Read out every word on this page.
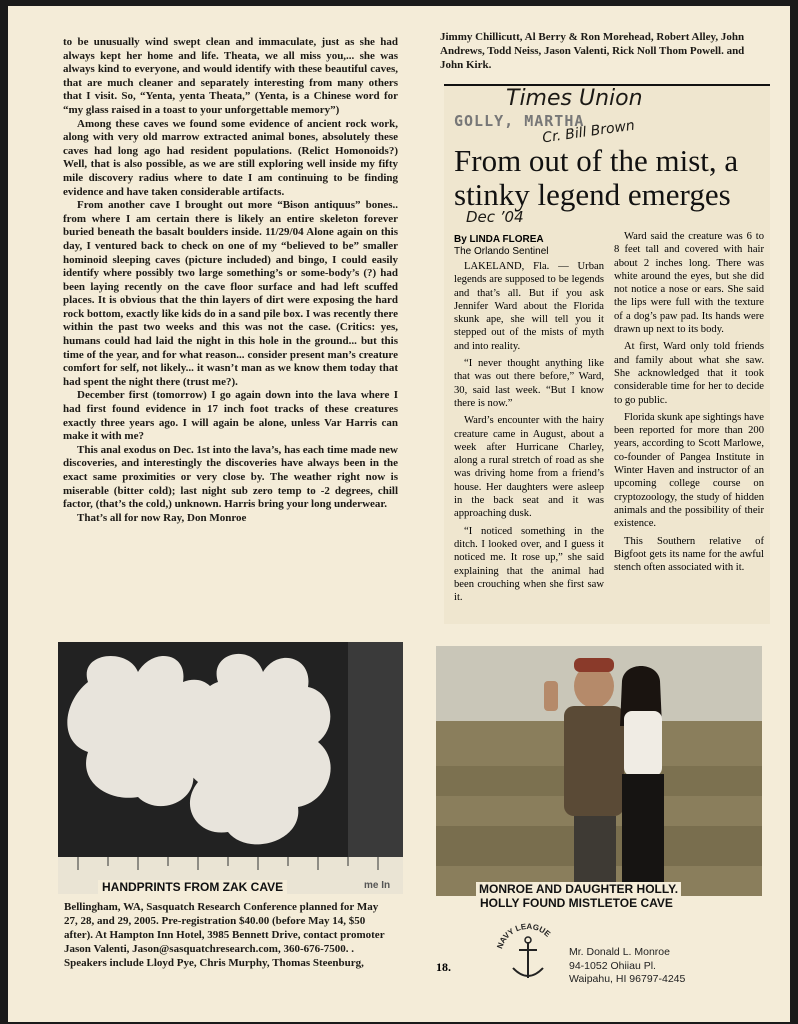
to be unusually wind swept clean and immaculate, just as she had always kept her home and life. Theata, we all miss you,... she was always kind to everyone, and would identify with these beautiful caves, that are much cleaner and separately interesting from many others that I visit. So, “Yenta, yenta Theata,” (Yenta, is a Chinese word for “my glass raised in a toast to your unforgettable memory”)

Among these caves we found some evidence of ancient rock work, along with very old marrow extracted animal bones, absolutely these caves had long ago had resident populations. (Relict Homonoids?) Well, that is also possible, as we are still exploring well inside my fifty mile discovery radius where to date I am continuing to be finding evidence and have taken considerable artifacts.

From another cave I brought out more “Bison antiquus” bones.. from where I am certain there is likely an entire skeleton forever buried beneath the basalt boulders inside. 11/29/04 Alone again on this day, I ventured back to check on one of my “believed to be” smaller hominoid sleeping caves (picture included) and bingo, I could easily identify where possibly two large something’s or some-body’s (?) had been laying recently on the cave floor surface and had left scuffed places. It is obvious that the thin layers of dirt were exposing the hard rock bottom, exactly like kids do in a sand pile box. I was recently there within the past two weeks and this was not the case. (Critics: yes, humans could had laid the night in this hole in the ground... but this time of the year, and for what reason... consider present man’s creature comfort for self, not likely... it wasn’t man as we know them today that had spent the night there (trust me?).

December first (tomorrow) I go again down into the lava where I had first found evidence in 17 inch foot tracks of these creatures exactly three years ago. I will again be alone, unless Var Harris can make it with me?

This anal exodus on Dec. 1st into the lava’s, has each time made new discoveries, and interestingly the discoveries have always been in the exact same proximities or very close by. The weather right now is miserable (bitter cold); last night sub zero temp to -2 degrees, chill factor, (that’s the cold,) unknown. Harris bring your long underwear.

That’s all for now Ray, Don Monroe

Jimmy Chillicutt, Al Berry & Ron Morehead, Robert Alley, John Andrews, Todd Neiss, Jason Valenti, Rick Noll Thom Powell. and John Kirk.
Times Union
Cr. Bill Brown
Dec ’04
GOLLY, MARTHA
From out of the mist, a stinky legend emerges
By LINDA FLOREA
The Orlando Sentinel

LAKELAND, Fla. — Urban legends are supposed to be legends and that’s all. But if you ask Jennifer Ward about the Florida skunk ape, she will tell you it stepped out of the mists of myth and into reality.

“I never thought anything like that was out there before,” Ward, 30, said last week. “But I know there is now.”

Ward’s encounter with the hairy creature came in August, about a week after Hurricane Charley, along a rural stretch of road as she was driving home from a friend’s house. Her daughters were asleep in the back seat and it was approaching dusk.

“I noticed something in the ditch. I looked over, and I guess it noticed me. It rose up,” she said explaining that the animal had been crouching when she first saw it.

Ward said the creature was 6 to 8 feet tall and covered with hair about 2 inches long. There was white around the eyes, but she did not notice a nose or ears. She said the lips were full with the texture of a dog’s paw pad. Its hands were drawn up next to its body.

At first, Ward only told friends and family about what she saw. She acknowledged that it took considerable time for her to decide to go public.

Florida skunk ape sightings have been reported for more than 200 years, according to Scott Marlowe, co-founder of Pangea Institute in Winter Haven and instructor of an upcoming college course on cryptozoology, the study of hidden animals and the possibility of their existence.

This Southern relative of Bigfoot gets its name for the awful stench often associated with it.

HANDPRINTS FROM ZAK CAVE	me In	MONROE AND DAUGHTER HOLLY.
HOLLY FOUND MISTLETOE CAVE
Bellingham, WA, Sasquatch Research Conference planned for May 27, 28, and 29, 2005. Pre-registration $40.00 (before May 14, $50 after). At Hampton Inn Hotel, 3985 Bennett Drive, contact promoter Jason Valenti, Jason@sasquatchresearch.com, 360-676-7500. . Speakers include Lloyd Pye, Chris Murphy, Thomas Steenburg,	18.
NAVY LEAGUE
Mr. Donald L. Monroe
94-1052 Ohiiau Pl.
Waipahu, HI 96797-4245
